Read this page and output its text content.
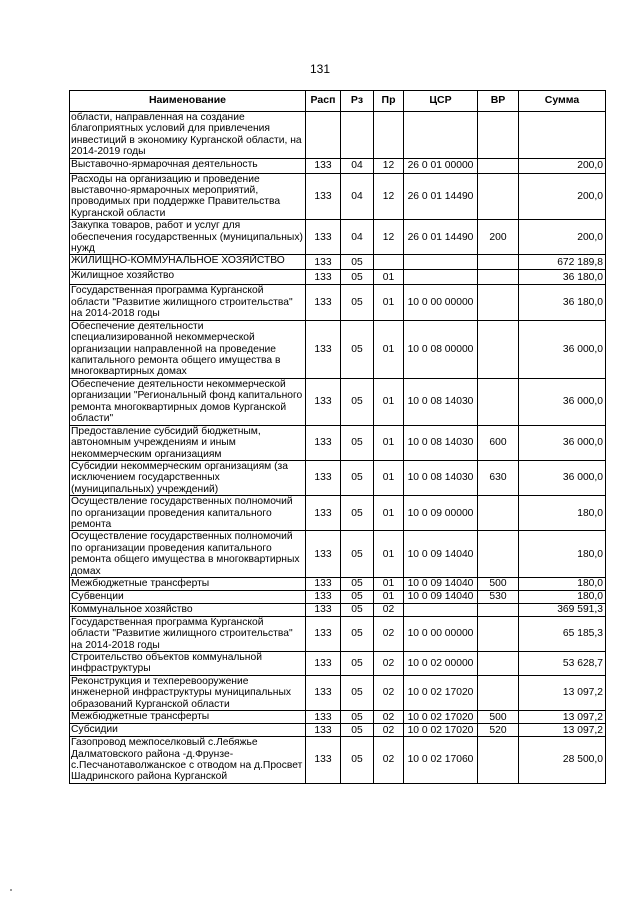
131
Наименование	Расп	Рз	Пр	ЦСР	ВР	Сумма
области, направленная на создание благоприятных условий для привлечения инвестиций в экономику Курганской области, на 2014-2019 годы						
Выставочно-ярмарочная деятельность	133	04	12	26 0 01 00000		200,0
Расходы на организацию и проведение выставочно-ярмарочных мероприятий, проводимых при поддержке Правительства Курганской области	133	04	12	26 0 01 14490		200,0
Закупка товаров, работ и услуг для обеспечения государственных (муниципальных) нужд	133	04	12	26 0 01 14490	200	200,0
ЖИЛИЩНО-КОММУНАЛЬНОЕ ХОЗЯЙСТВО	133	05				672 189,8
Жилищное хозяйство	133	05	01			36 180,0
Государственная программа Курганской области "Развитие жилищного строительства" на 2014-2018 годы	133	05	01	10 0 00 00000		36 180,0
Обеспечение деятельности специализированной некоммерческой организации направленной на проведение капитального ремонта общего имущества в многоквартирных домах	133	05	01	10 0 08 00000		36 000,0
Обеспечение деятельности некоммерческой организации "Региональный фонд капитального ремонта многоквартирных домов Курганской области"	133	05	01	10 0 08 14030		36 000,0
Предоставление субсидий бюджетным, автономным учреждениям и иным некоммерческим организациям	133	05	01	10 0 08 14030	600	36 000,0
Субсидии некоммерческим организациям (за исключением государственных (муниципальных) учреждений)	133	05	01	10 0 08 14030	630	36 000,0
Осуществление государственных полномочий по организации проведения капитального ремонта	133	05	01	10 0 09 00000		180,0
Осуществление государственных полномочий по организации проведения капитального ремонта общего имущества в многоквартирных домах	133	05	01	10 0 09 14040		180,0
Межбюджетные трансферты	133	05	01	10 0 09 14040	500	180,0
Субвенции	133	05	01	10 0 09 14040	530	180,0
Коммунальное хозяйство	133	05	02			369 591,3
Государственная программа Курганской области "Развитие жилищного строительства" на 2014-2018 годы	133	05	02	10 0 00 00000		65 185,3
Строительство объектов коммунальной инфраструктуры	133	05	02	10 0 02 00000		53 628,7
Реконструкция и техперевооружение инженерной инфраструктуры муниципальных образований Курганской области	133	05	02	10 0 02 17020		13 097,2
Межбюджетные трансферты	133	05	02	10 0 02 17020	500	13 097,2
Субсидии	133	05	02	10 0 02 17020	520	13 097,2
Газопровод межпоселковый с.Лебяжье Далматовского района -д.Фрунзе-с.Песчанотаволжанское с отводом на д.Просвет Шадринского района Курганской	133	05	02	10 0 02 17060		28 500,0
